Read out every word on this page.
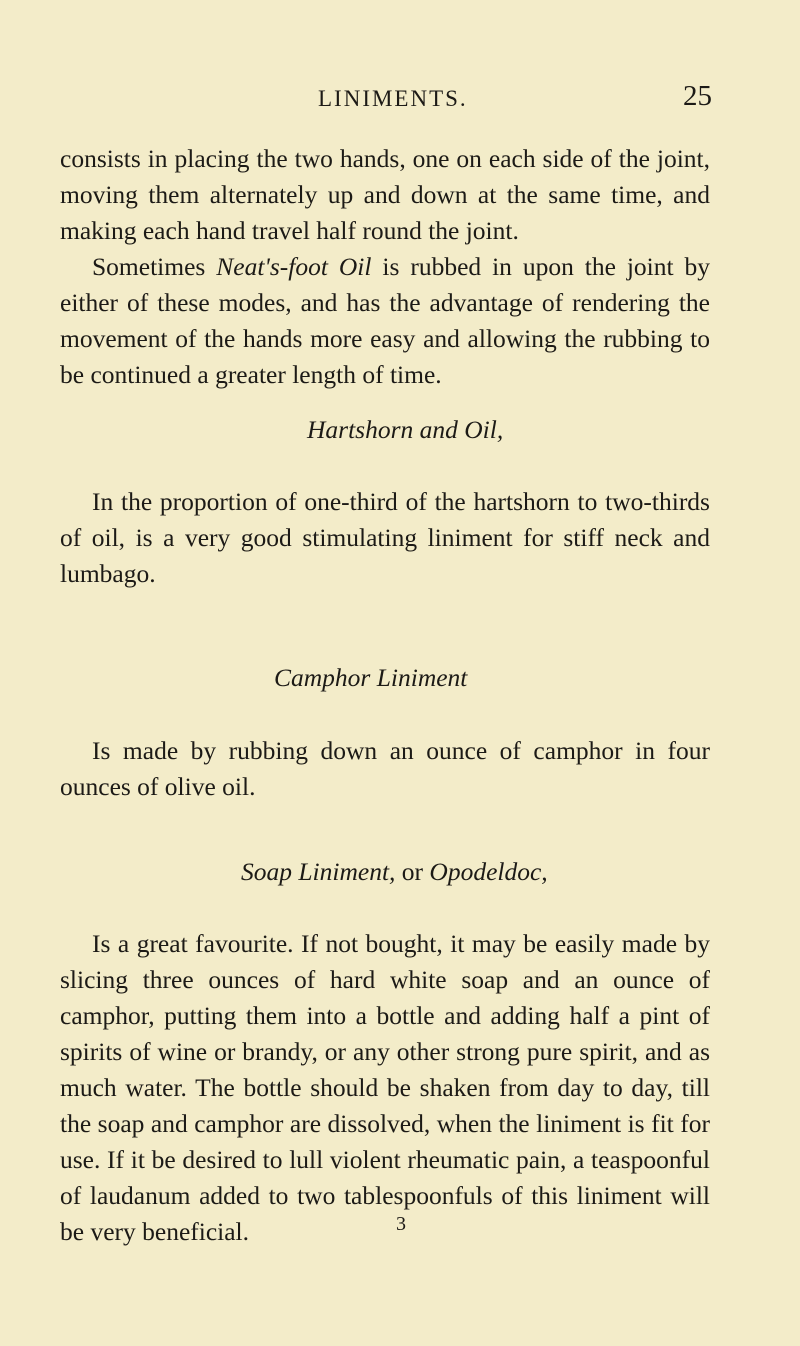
LINIMENTS.	25

consists in placing the two hands, one on each side of the joint, moving them alternately up and down at the same time, and making each hand travel half round the joint.

Sometimes Neat's-foot Oil is rubbed in upon the joint by either of these modes, and has the advantage of rendering the movement of the hands more easy and allowing the rubbing to be continued a greater length of time.

Hartshorn and Oil,

In the proportion of one-third of the hartshorn to two-thirds of oil, is a very good stimulating liniment for stiff neck and lumbago.

Camphor Liniment

Is made by rubbing down an ounce of camphor in four ounces of olive oil.

Soap Liniment, or Opodeldoc,

Is a great favourite. If not bought, it may be easily made by slicing three ounces of hard white soap and an ounce of camphor, putting them into a bottle and adding half a pint of spirits of wine or brandy, or any other strong pure spirit, and as much water. The bottle should be shaken from day to day, till the soap and camphor are dissolved, when the liniment is fit for use. If it be desired to lull violent rheumatic pain, a teaspoonful of laudanum added to two tablespoonfuls of this liniment will be very beneficial.	3
